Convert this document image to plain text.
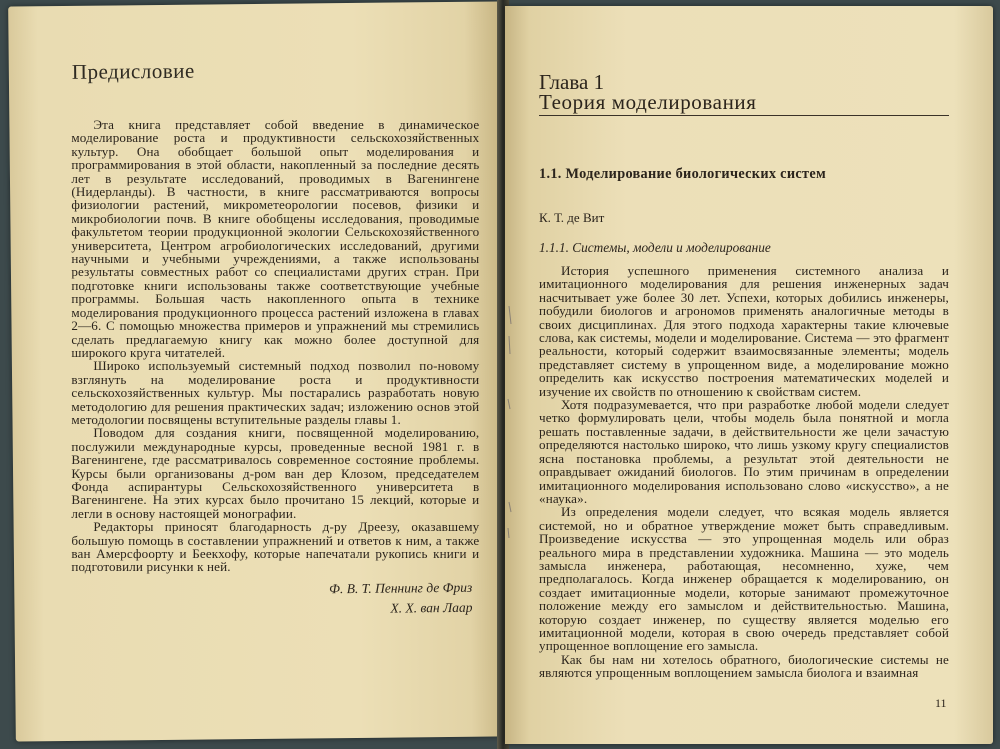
Предисловие

Эта книга представляет собой введение в динамическое моделирование роста и продуктивности сельскохозяйственных культур. Она обобщает большой опыт моделирования и программирования в этой области, накопленный за последние десять лет в результате исследований, проводимых в Вагенингене (Нидерланды). В частности, в книге рассматриваются вопросы физиологии растений, микрометеорологии посевов, физики и микробиологии почв. В книге обобщены исследования, проводимые факультетом теории продукционной экологии Сельскохозяйственного университета, Центром агробиологических исследований, другими научными и учебными учреждениями, а также использованы результаты совместных работ со специалистами других стран. При подготовке книги использованы также соответствующие учебные программы. Большая часть накопленного опыта в технике моделирования продукционного процесса растений изложена в главах 2—6. С помощью множества примеров и упражнений мы стремились сделать предлагаемую книгу как можно более доступной для широкого круга читателей.

Широко используемый системный подход позволил по-новому взглянуть на моделирование роста и продуктивности сельскохозяйственных культур. Мы постарались разработать новую методологию для решения практических задач; изложению основ этой методологии посвящены вступительные разделы главы 1.

Поводом для создания книги, посвященной моделированию, послужили международные курсы, проведенные весной 1981 г. в Вагенингене, где рассматривалось современное состояние проблемы. Курсы были организованы д-ром ван дер Клозом, председателем Фонда аспирантуры Сельскохозяйственного университета в Вагенингене. На этих курсах было прочитано 15 лекций, которые и легли в основу настоящей монографии.

Редакторы приносят благодарность д-ру Дреезу, оказавшему большую помощь в составлении упражнений и ответов к ним, а также ван Амерсфоорту и Беекхофу, которые напечатали рукопись книги и подготовили рисунки к ней.

Ф. В. Т. Пеннинг де Фриз
Х. Х. ван Лаар
Глава 1
Теория моделирования
1.1. Моделирование биологических систем
К. Т. де Вит
1.1.1. Системы, модели и моделирование

История успешного применения системного анализа и имитационного моделирования для решения инженерных задач насчитывает уже более 30 лет. Успехи, которых добились инженеры, побудили биологов и агрономов применять аналогичные методы в своих дисциплинах. Для этого подхода характерны такие ключевые слова, как системы, модели и моделирование. Система — это фрагмент реальности, который содержит взаимосвязанные элементы; модель представляет систему в упрощенном виде, а моделирование можно определить как искусство построения математических моделей и изучение их свойств по отношению к свойствам систем.

Хотя подразумевается, что при разработке любой модели следует четко формулировать цели, чтобы модель была понятной и могла решать поставленные задачи, в действительности же цели зачастую определяются настолько широко, что лишь узкому кругу специалистов ясна постановка проблемы, а результат этой деятельности не оправдывает ожиданий биологов. По этим причинам в определении имитационного моделирования использовано слово «искусство», а не «наука».

Из определения модели следует, что всякая модель является системой, но и обратное утверждение может быть справедливым. Произведение искусства — это упрощенная модель или образ реального мира в представлении художника. Машина — это модель замысла инженера, работающая, несомненно, хуже, чем предполагалось. Когда инженер обращается к моделированию, он создает имитационные модели, которые занимают промежуточное положение между его замыслом и действительностью. Машина, которую создает инженер, по существу является моделью его имитационной модели, которая в свою очередь представляет собой упрощенное воплощение его замысла.

Как бы нам ни хотелось обратного, биологические системы не являются упрощенным воплощением замысла биолога и взаимная

11
